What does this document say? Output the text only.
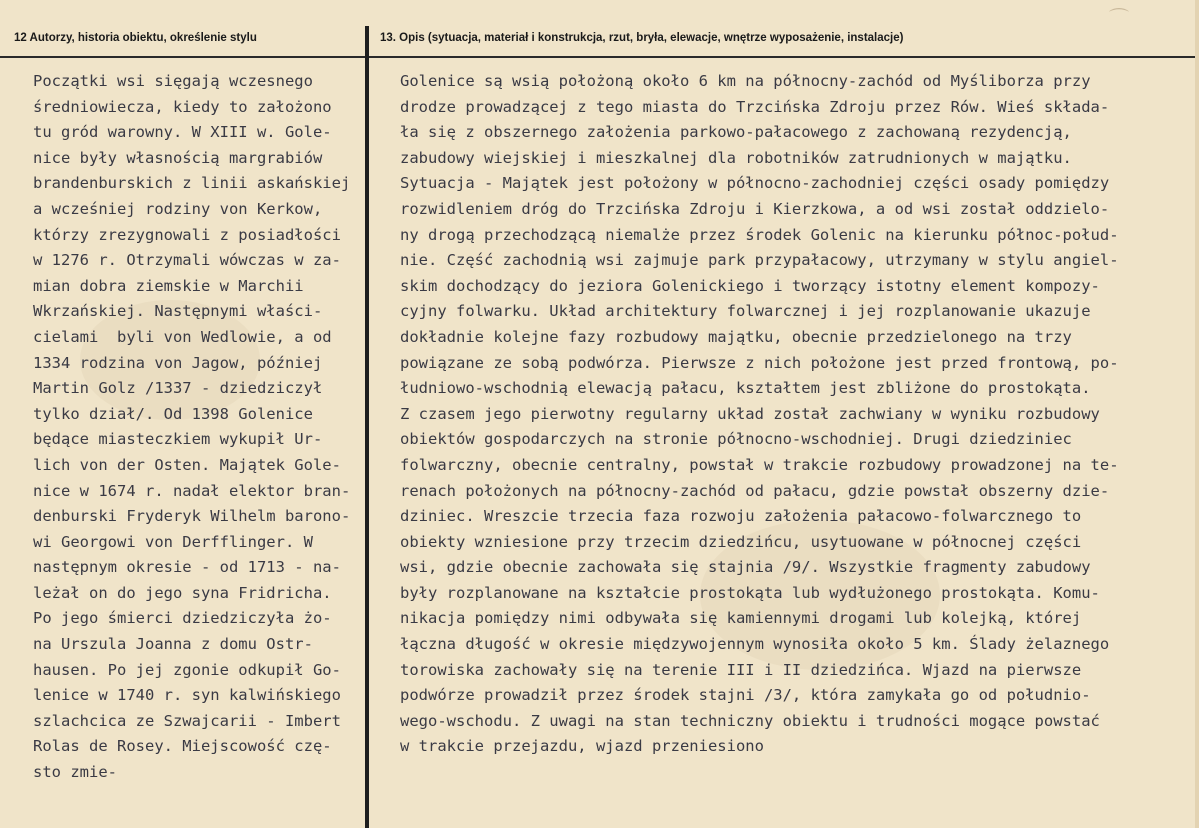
⌒
12 Autorzy, historia obiektu, określenie stylu	13. Opis (sytuacja, materiał i konstrukcja, rzut, bryła, elewacje, wnętrze wyposażenie, instalacje)
Początki wsi sięgają wczesnego
średniowiecza, kiedy to założono
tu gród warowny. W XIII w. Gole-
nice były własnością margrabiów
brandenburskich z linii askańskiej
a wcześniej rodziny von Kerkow,
którzy zrezygnowali z posiadłości
w 1276 r. Otrzymali wówczas w za-
mian dobra ziemskie w Marchii
Wkrzańskiej. Następnymi właści-
cielami  byli von Wedlowie, a od
1334 rodzina von Jagow, później
Martin Golz /1337 - dziedziczył
tylko dział/. Od 1398 Golenice
będące miasteczkiem wykupił Ur-
lich von der Osten. Majątek Gole-
nice w 1674 r. nadał elektor bran-
denburski Fryderyk Wilhelm barono-
wi Georgowi von Derfflinger. W
następnym okresie - od 1713 - na-
leżał on do jego syna Fridricha.
Po jego śmierci dziedziczyła żo-
na Urszula Joanna z domu Ostr-
hausen. Po jej zgonie odkupił Go-
lenice w 1740 r. syn kalwińskiego
szlachcica ze Szwajcarii - Imbert
Rolas de Rosey. Miejscowość czę-
sto zmie-
Golenice są wsią położoną około 6 km na północny-zachód od Myśliborza przy
drodze prowadzącej z tego miasta do Trzcińska Zdroju przez Rów. Wieś składa-
ła się z obszernego założenia parkowo-pałacowego z zachowaną rezydencją,
zabudowy wiejskiej i mieszkalnej dla robotników zatrudnionych w majątku.
Sytuacja - Majątek jest położony w północno-zachodniej części osady pomiędzy
rozwidleniem dróg do Trzcińska Zdroju i Kierzkowa, a od wsi został oddzielo-
ny drogą przechodzącą niemalże przez środek Golenic na kierunku północ-połud-
nie. Część zachodnią wsi zajmuje park przypałacowy, utrzymany w stylu angiel-
skim dochodzący do jeziora Golenickiego i tworzący istotny element kompozy-
cyjny folwarku. Układ architektury folwarcznej i jej rozplanowanie ukazuje
dokładnie kolejne fazy rozbudowy majątku, obecnie przedzielonego na trzy
powiązane ze sobą podwórza. Pierwsze z nich położone jest przed frontową, po-
łudniowo-wschodnią elewacją pałacu, kształtem jest zbliżone do prostokąta.
Z czasem jego pierwotny regularny układ został zachwiany w wyniku rozbudowy
obiektów gospodarczych na stronie północno-wschodniej. Drugi dziedziniec
folwarczny, obecnie centralny, powstał w trakcie rozbudowy prowadzonej na te-
renach położonych na północny-zachód od pałacu, gdzie powstał obszerny dzie-
dziniec. Wreszcie trzecia faza rozwoju założenia pałacowo-folwarcznego to
obiekty wzniesione przy trzecim dziedzińcu, usytuowane w północnej części
wsi, gdzie obecnie zachowała się stajnia /9/. Wszystkie fragmenty zabudowy
były rozplanowane na kształcie prostokąta lub wydłużonego prostokąta. Komu-
nikacja pomiędzy nimi odbywała się kamiennymi drogami lub kolejką, której
łączna długość w okresie międzywojennym wynosiła około 5 km. Ślady żelaznego
torowiska zachowały się na terenie III i II dziedzińca. Wjazd na pierwsze
podwórze prowadził przez środek stajni /3/, która zamykała go od południo-
wego-wschodu. Z uwagi na stan techniczny obiektu i trudności mogące powstać
w trakcie przejazdu, wjazd przeniesiono
